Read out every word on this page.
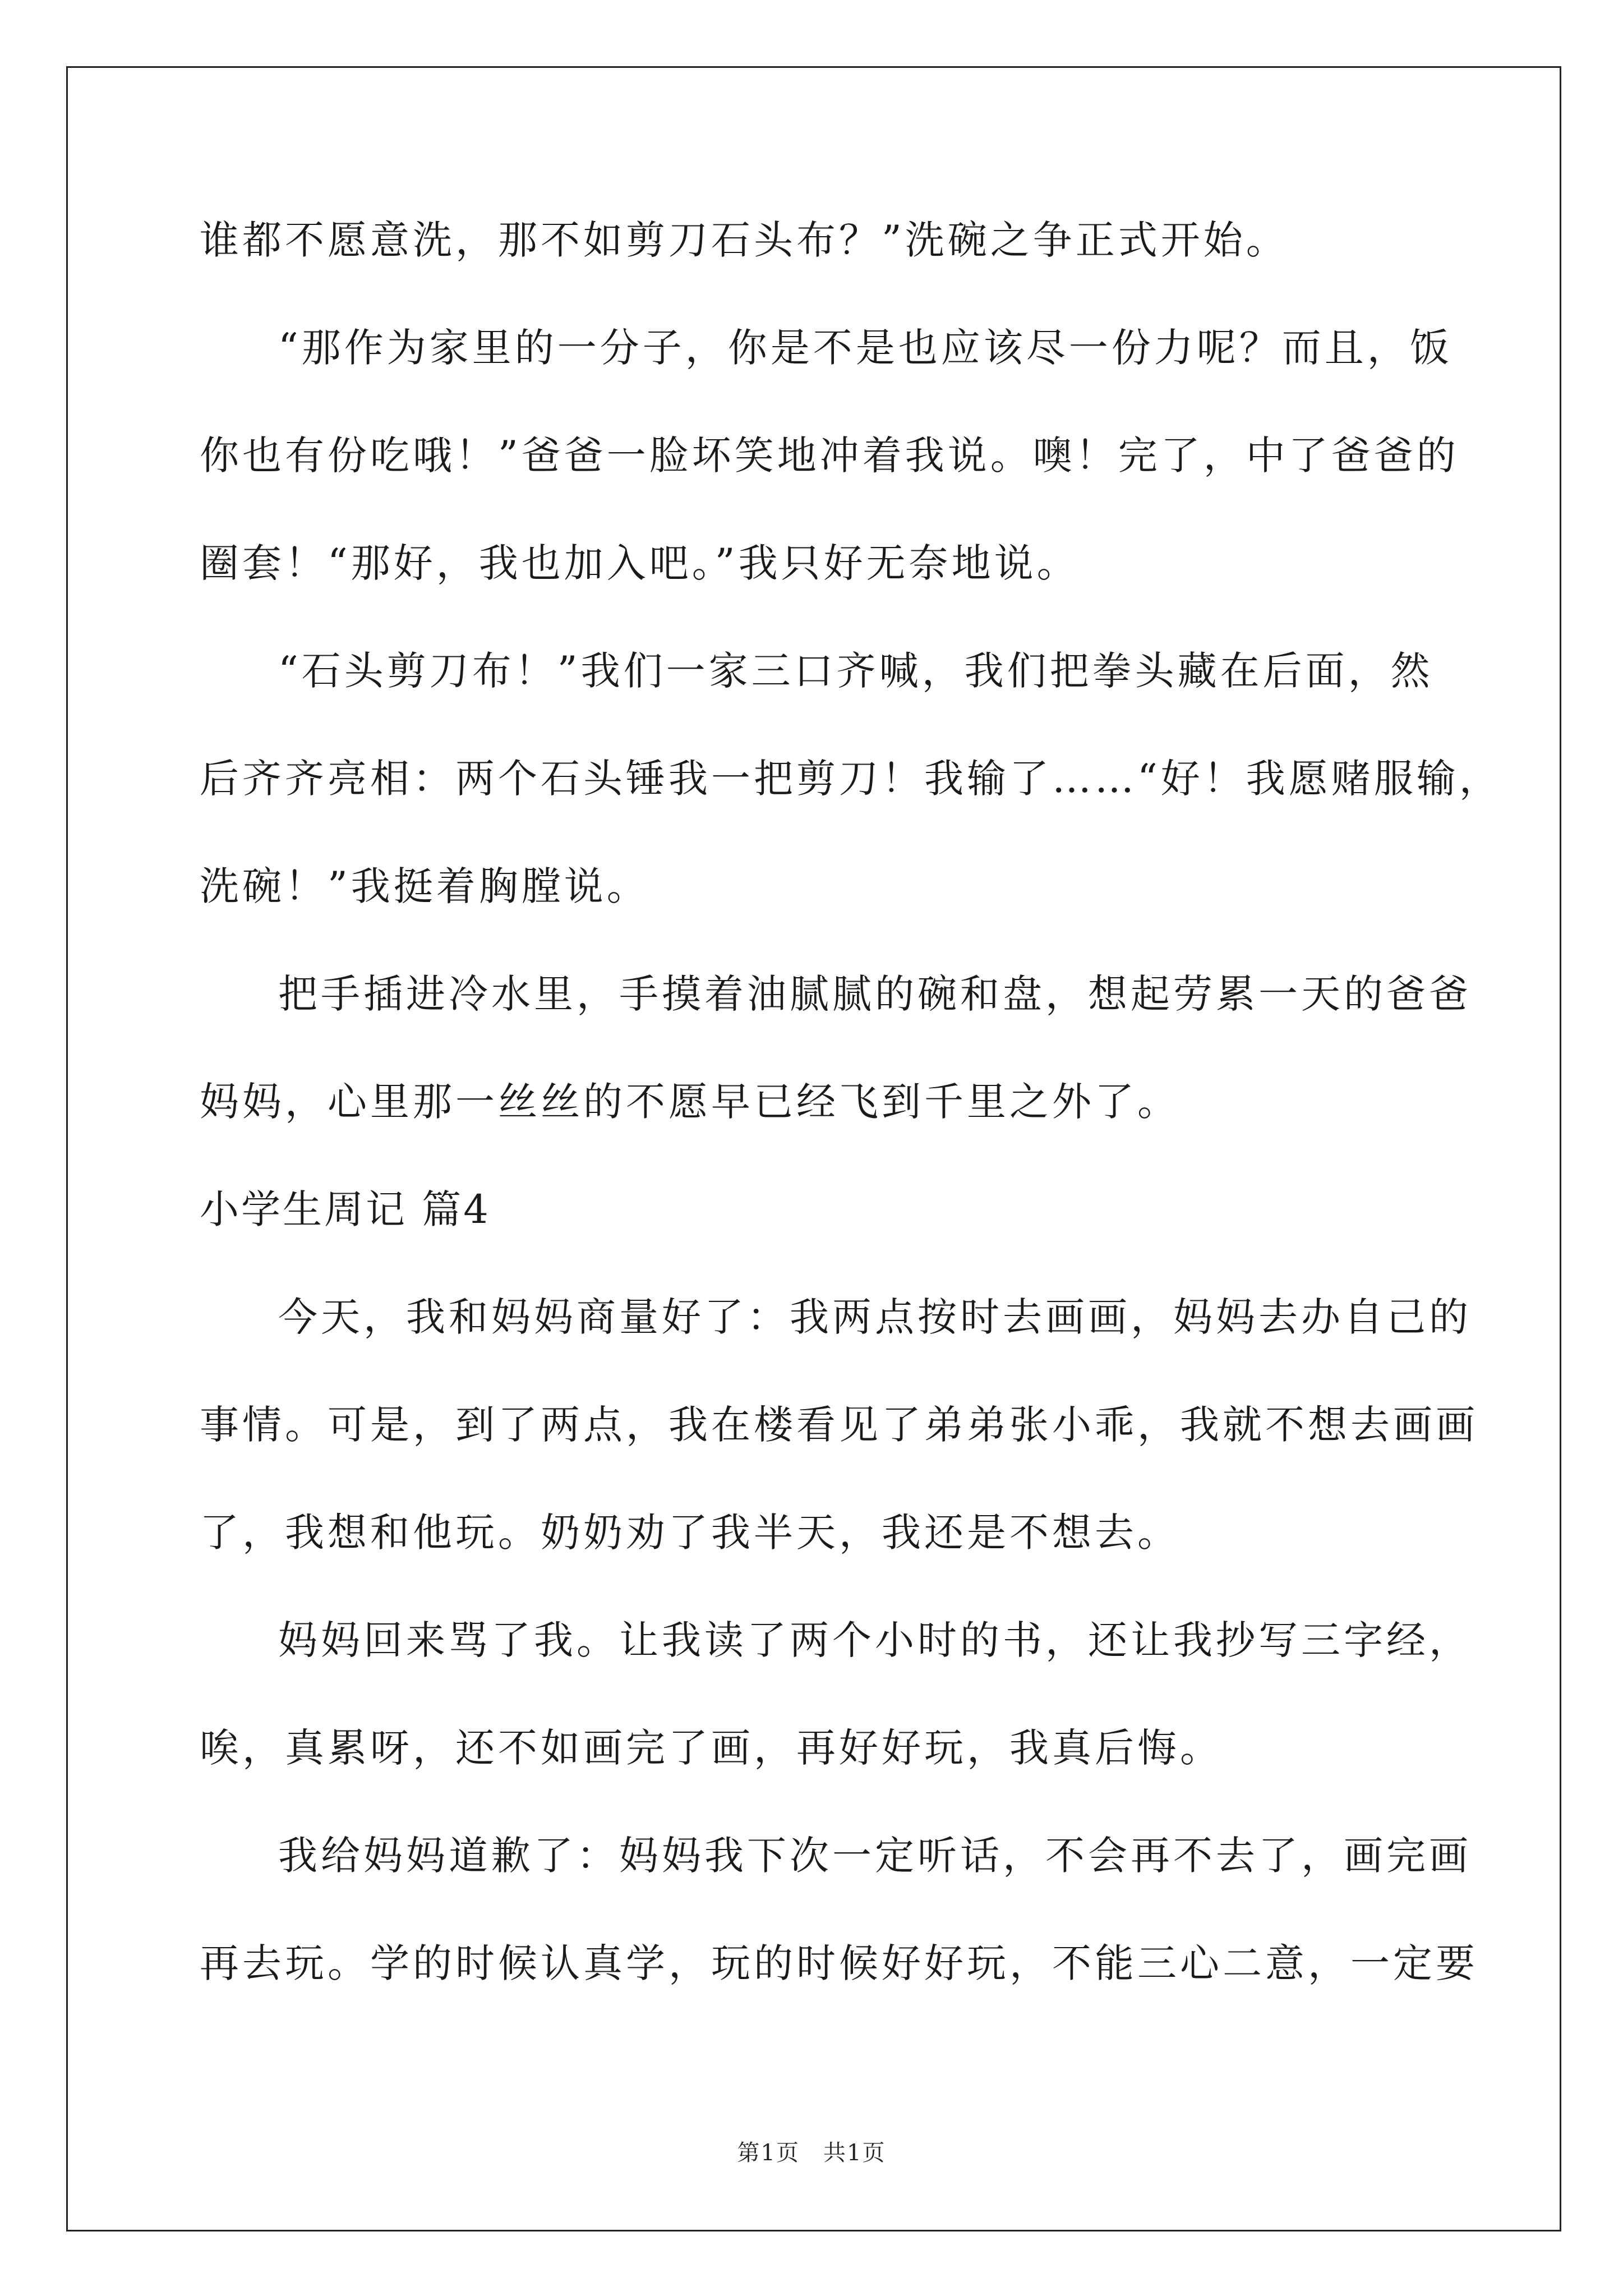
谁都不愿意洗，那不如剪刀石头布？”洗碗之争正式开始。
“那作为家里的一分子，你是不是也应该尽一份力呢？而且，饭
你也有份吃哦！”爸爸一脸坏笑地冲着我说。噢！完了，中了爸爸的
圈套！“那好，我也加入吧。”我只好无奈地说。
“石头剪刀布！”我们一家三口齐喊，我们把拳头藏在后面，然
后齐齐亮相：两个石头锤我一把剪刀！我输了……“好！我愿赌服输，
洗碗！”我挺着胸膛说。
把手插进冷水里，手摸着油腻腻的碗和盘，想起劳累一天的爸爸
妈妈，心里那一丝丝的不愿早已经飞到千里之外了。
小学生周记 篇4
今天，我和妈妈商量好了：我两点按时去画画，妈妈去办自己的
事情。可是，到了两点，我在楼看见了弟弟张小乖，我就不想去画画
了，我想和他玩。奶奶劝了我半天，我还是不想去。
妈妈回来骂了我。让我读了两个小时的书，还让我抄写三字经，
唉，真累呀，还不如画完了画，再好好玩，我真后悔。
我给妈妈道歉了：妈妈我下次一定听话，不会再不去了，画完画
再去玩。学的时候认真学，玩的时候好好玩，不能三心二意，一定要
第1页　共1页
